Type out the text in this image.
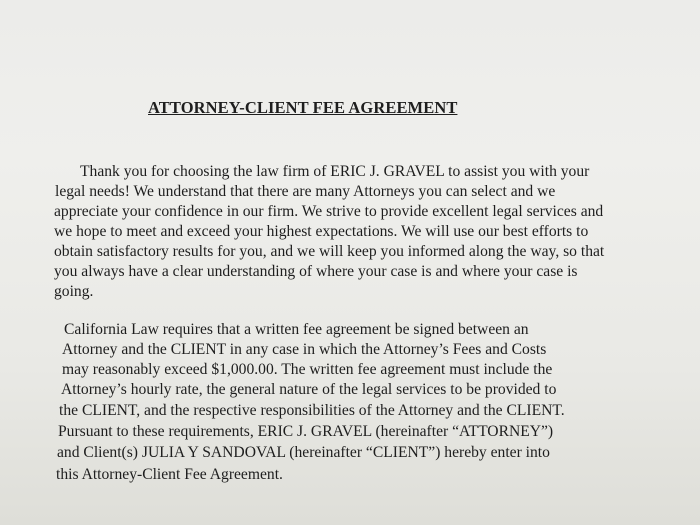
ATTORNEY-CLIENT FEE AGREEMENT
Thank you for choosing the law firm of ERIC J. GRAVEL to assist you with your
legal needs! We understand that there are many Attorneys you can select and we
appreciate your confidence in our firm. We strive to provide excellent legal services and
we hope to meet and exceed your highest expectations. We will use our best efforts to
obtain satisfactory results for you, and we will keep you informed along the way, so that
you always have a clear understanding of where your case is and where your case is
going.
California Law requires that a written fee agreement be signed between an
Attorney and the CLIENT in any case in which the Attorney’s Fees and Costs
may reasonably exceed $1,000.00. The written fee agreement must include the
Attorney’s hourly rate, the general nature of the legal services to be provided to
the CLIENT, and the respective responsibilities of the Attorney and the CLIENT.
Pursuant to these requirements, ERIC J. GRAVEL (hereinafter “ATTORNEY”)
and Client(s) JULIA Y SANDOVAL (hereinafter “CLIENT”) hereby enter into
this Attorney-Client Fee Agreement.
